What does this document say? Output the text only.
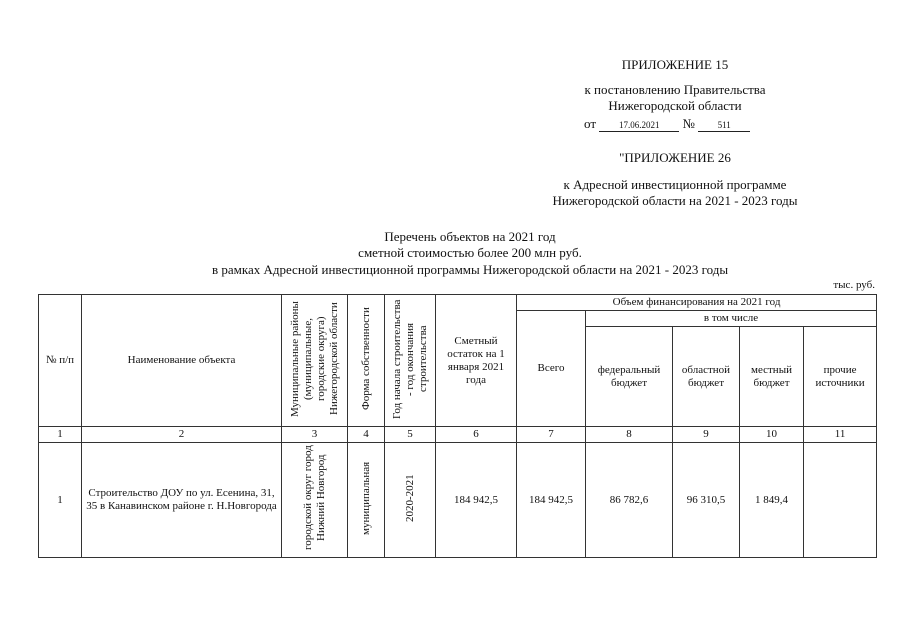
ПРИЛОЖЕНИЕ 15
к постановлению Правительства
Нижегородской области
от	17.06.2021 №	511
"ПРИЛОЖЕНИЕ 26
к Адресной инвестиционной программе
Нижегородской области на 2021 - 2023 годы
Перечень объектов на 2021 год
сметной стоимостью более 200 млн руб.
в рамках Адресной инвестиционной программы Нижегородской области на 2021 - 2023 годы
тыс. руб.
№ п/п	Наименование объекта	Муниципальные районы (муниципальные, городские округа) Нижегородской области	Форма собственности	Год начала строительства - год окончания строительства	Сметный остаток на 1 января 2021 года	Объем финансирования на 2021 год				
						Всего	в том числе			
							федеральный бюджет	областной бюджет	местный бюджет	прочие источники
1	2	3	4	5	6	7	8	9	10	11
1	Строительство ДОУ по ул. Есенина, 31, 35 в Канавинском районе г. Н.Новгорода	городской округ город Нижний Новгород	муниципальная	2020-2021	184 942,5	184 942,5	86 782,6	96 310,5	1 849,4	
